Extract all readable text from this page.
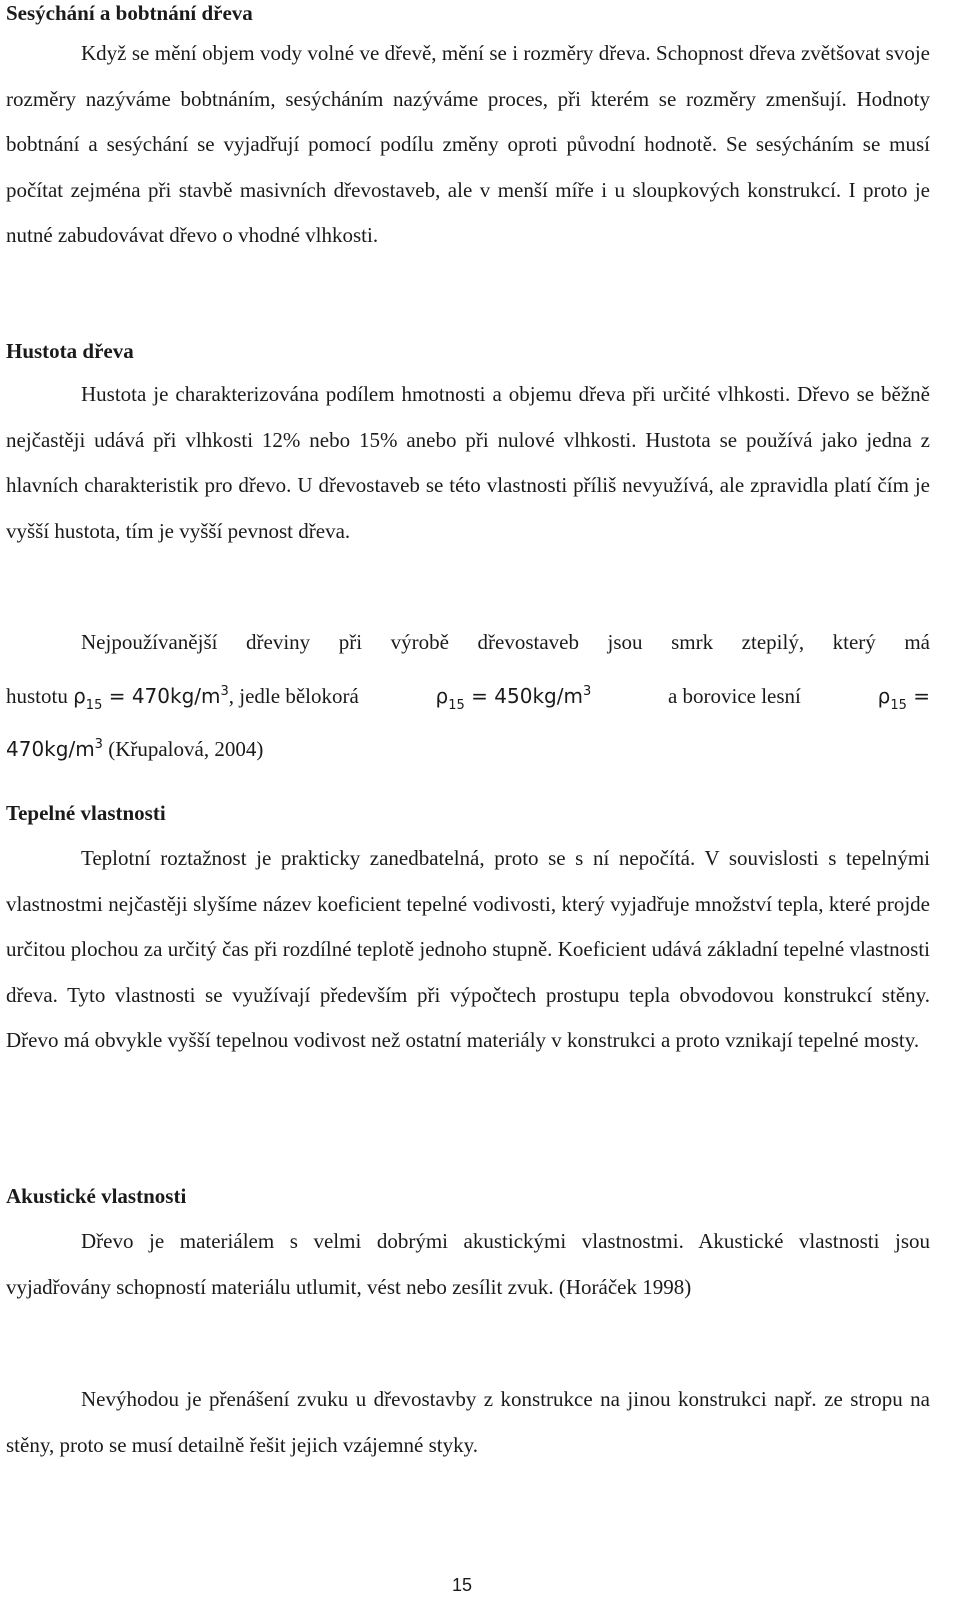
Sesýchání a bobtnání dřeva

Když se mění objem vody volné ve dřevě, mění se i rozměry dřeva. Schopnost dřeva zvětšovat svoje rozměry nazýváme bobtnáním, sesýcháním nazýváme proces, při kterém se rozměry zmenšují. Hodnoty bobtnání a sesýchání se vyjadřují pomocí podílu změny oproti původní hodnotě. Se sesýcháním se musí počítat zejména při stavbě masivních dřevostaveb, ale v menší míře i u sloupkových konstrukcí. I proto je nutné zabudovávat dřevo o vhodné vlhkosti.

Hustota dřeva

Hustota je charakterizována podílem hmotnosti a objemu dřeva při určité vlhkosti. Dřevo se běžně nejčastěji udává při vlhkosti 12% nebo 15% anebo při nulové vlhkosti. Hustota se používá jako jedna z hlavních charakteristik pro dřevo. U dřevostaveb se této vlastnosti příliš nevyužívá, ale zpravidla platí čím je vyšší hustota, tím je vyšší pevnost dřeva.

Nejpoužívanější dřeviny při výrobě dřevostaveb jsou smrk ztepilý, který má
hustotu $\rho_{15} = 470kg/m^3$, jedle bělokorá	$\rho_{15} = 450kg/m^3$	a borovice lesní	$\rho_{15}$ =
$470kg/m^3$ (Křupalová, 2004)
Tepelné vlastnosti

Teplotní roztažnost je prakticky zanedbatelná, proto se s ní nepočítá. V souvislosti s tepelnými vlastnostmi nejčastěji slyšíme název koeficient tepelné vodivosti, který vyjadřuje množství tepla, které projde určitou plochou za určitý čas při rozdílné teplotě jednoho stupně. Koeficient udává základní tepelné vlastnosti dřeva. Tyto vlastnosti se využívají především při výpočtech prostupu tepla obvodovou konstrukcí stěny. Dřevo má obvykle vyšší tepelnou vodivost než ostatní materiály v konstrukci a proto vznikají tepelné mosty.

Akustické vlastnosti

Dřevo je materiálem s velmi dobrými akustickými vlastnostmi. Akustické vlastnosti jsou vyjadřovány schopností materiálu utlumit, vést nebo zesílit zvuk. (Horáček 1998)

Nevýhodou je přenášení zvuku u dřevostavby z konstrukce na jinou konstrukci např. ze stropu na stěny, proto se musí detailně řešit jejich vzájemné styky.

15
